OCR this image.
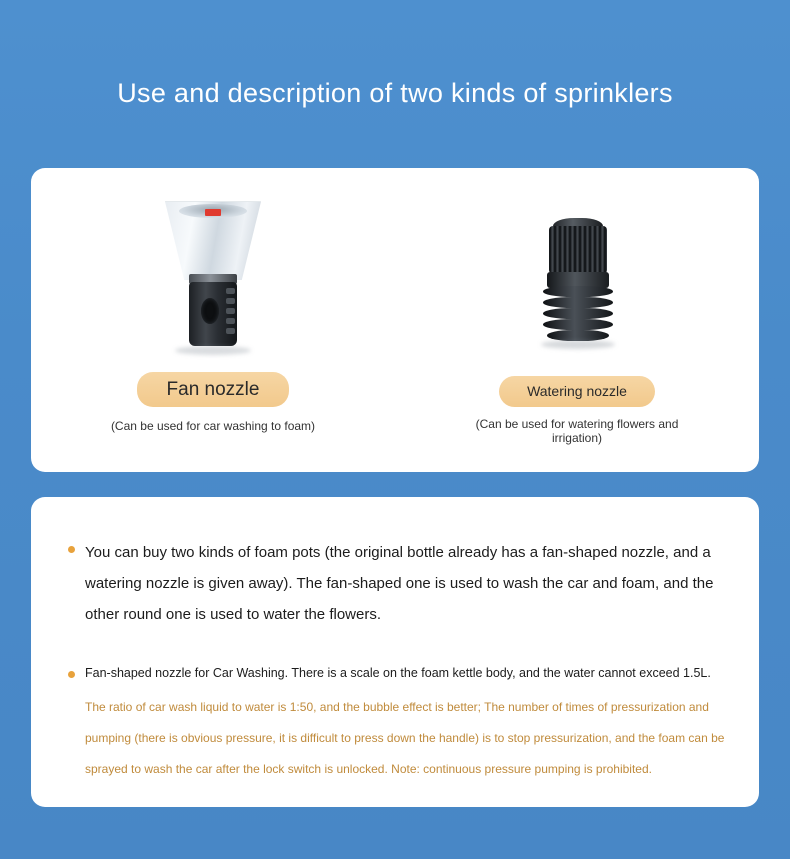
Use and description of two kinds of sprinklers
Fan nozzle
(Can be used for car washing to foam)
Watering nozzle
(Can be used for watering flowers and irrigation)
You can buy two kinds of foam pots (the original bottle already has a fan-shaped nozzle, and a watering nozzle is given away). The fan-shaped one is used to wash the car and foam, and the other round one is used to water the flowers.
Fan-shaped nozzle for Car Washing. There is a scale on the foam kettle body, and the water cannot exceed 1.5L.
The ratio of car wash liquid to water is 1:50, and the bubble effect is better; The number of times of pressurization and pumping (there is obvious pressure, it is difficult to press down the handle) is to stop pressurization, and the foam can be sprayed to wash the car after the lock switch is unlocked. Note: continuous pressure pumping is prohibited.
